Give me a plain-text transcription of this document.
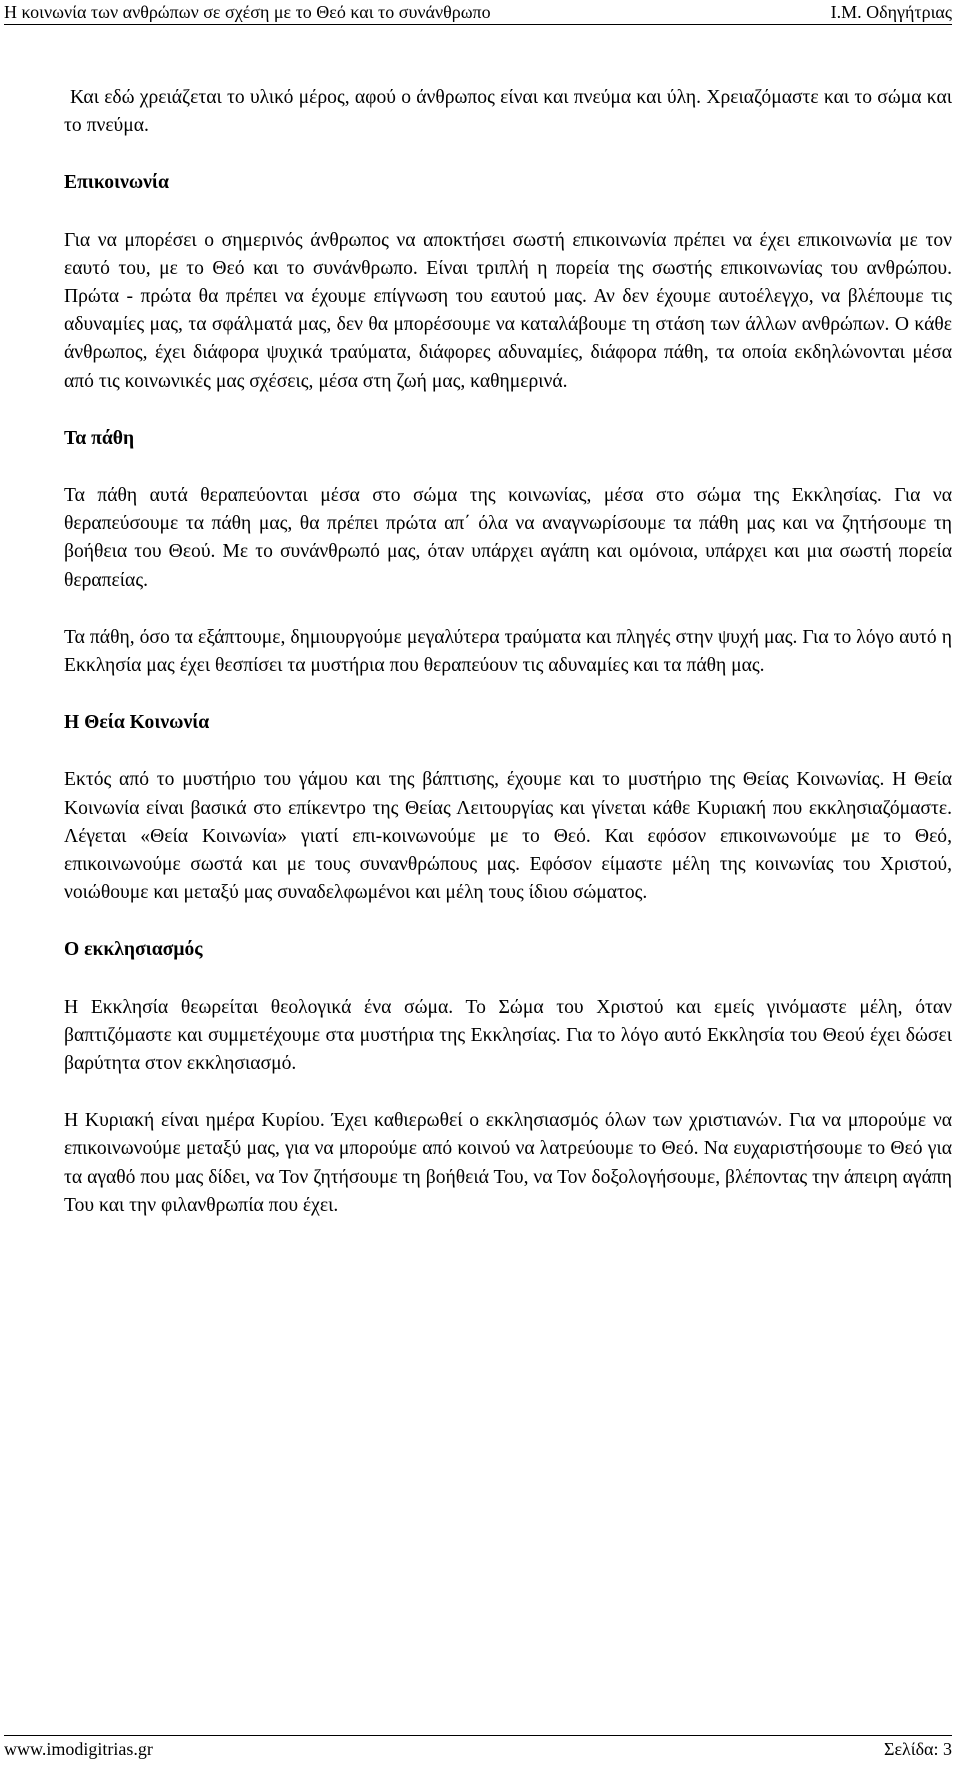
Η κοινωνία των ανθρώπων σε σχέση με το Θεό και το συνάνθρωπο	Ι.Μ. Οδηγήτριας

Και εδώ χρειάζεται το υλικό μέρος, αφού ο άνθρωπος είναι και πνεύμα και ύλη. Χρειαζόμαστε και το σώμα και το πνεύμα.

Επικοινωνία

Για να μπορέσει ο σημερινός άνθρωπος να αποκτήσει σωστή επικοινωνία πρέπει να έχει επικοινωνία με τον εαυτό του, με το Θεό και το συνάνθρωπο. Είναι τριπλή η πορεία της σωστής επικοινωνίας του ανθρώπου. Πρώτα - πρώτα θα πρέπει να έχουμε επίγνωση του εαυτού μας. Αν δεν έχουμε αυτοέλεγχο, να βλέπουμε τις αδυναμίες μας, τα σφάλματά μας, δεν θα μπορέσουμε να καταλάβουμε τη στάση των άλλων ανθρώπων. Ο κάθε άνθρωπος, έχει διάφορα ψυχικά τραύματα, διάφορες αδυναμίες, διάφορα πάθη, τα οποία εκδηλώνονται μέσα από τις κοινωνικές μας σχέσεις, μέσα στη ζωή μας, καθημερινά.

Τα πάθη

Τα πάθη αυτά θεραπεύονται μέσα στο σώμα της κοινωνίας, μέσα στο σώμα της Εκκλησίας. Για να θεραπεύσουμε τα πάθη μας, θα πρέπει πρώτα απ΄ όλα να αναγνωρίσουμε τα πάθη μας και να ζητήσουμε τη βοήθεια του Θεού. Με το συνάνθρωπό μας, όταν υπάρχει αγάπη και ομόνοια, υπάρχει και μια σωστή πορεία θεραπείας.

Τα πάθη, όσο τα εξάπτουμε, δημιουργούμε μεγαλύτερα τραύματα και πληγές στην ψυχή μας. Για το λόγο αυτό η Εκκλησία μας έχει θεσπίσει τα μυστήρια που θεραπεύουν τις αδυναμίες και τα πάθη μας.

Η Θεία Κοινωνία

Εκτός από το μυστήριο του γάμου και της βάπτισης, έχουμε και το μυστήριο της Θείας Κοινωνίας. Η Θεία Κοινωνία είναι βασικά στο επίκεντρο της Θείας Λειτουργίας και γίνεται κάθε Κυριακή που εκκλησιαζόμαστε. Λέγεται «Θεία Κοινωνία» γιατί επι-κοινωνούμε με το Θεό. Και εφόσον επικοινωνούμε με το Θεό, επικοινωνούμε σωστά και με τους συνανθρώπους μας. Εφόσον είμαστε μέλη της κοινωνίας του Χριστού, νοιώθουμε και μεταξύ μας συναδελφωμένοι και μέλη τους ίδιου σώματος.

Ο εκκλησιασμός

Η Εκκλησία θεωρείται θεολογικά ένα σώμα. Το Σώμα του Χριστού και εμείς γινόμαστε μέλη, όταν βαπτιζόμαστε και συμμετέχουμε στα μυστήρια της Εκκλησίας. Για το λόγο αυτό Εκκλησία του Θεού έχει δώσει βαρύτητα στον εκκλησιασμό.

Η Κυριακή είναι ημέρα Κυρίου. Έχει καθιερωθεί ο εκκλησιασμός όλων των χριστιανών. Για να μπορούμε να επικοινωνούμε μεταξύ μας, για να μπορούμε από κοινού να λατρεύουμε το Θεό. Να ευχαριστήσουμε το Θεό για τα αγαθό που μας δίδει, να Τον ζητήσουμε τη βοήθειά Του, να Τον δοξολογήσουμε, βλέποντας την άπειρη αγάπη Του και την φιλανθρωπία που έχει.

www.imodigitrias.gr	Σελίδα: 3
